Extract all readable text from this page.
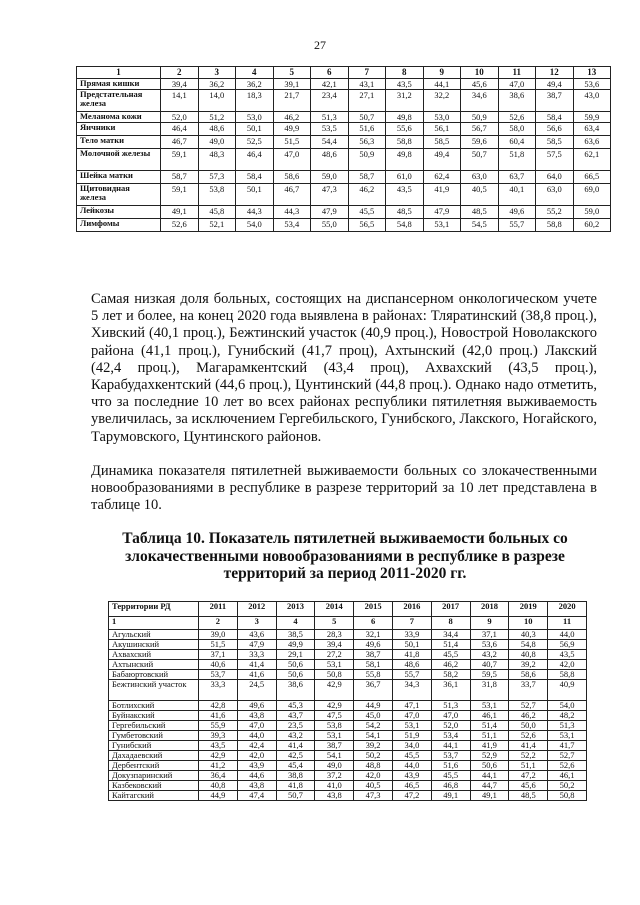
27
1	2	3	4	5	6	7	8	9	10	11	12	13
Прямая кишки	39,4	36,2	36,2	39,1	42,1	43,1	43,5	44,1	45,6	47,0	49,4	53,6
Предстательная железа	14,1	14,0	18,3	21,7	23,4	27,1	31,2	32,2	34,6	38,6	38,7	43,0
Меланома кожи	52,0	51,2	53,0	46,2	51,3	50,7	49,8	53,0	50,9	52,6	58,4	59,9
Яичники	46,4	48,6	50,1	49,9	53,5	51,6	55,6	56,1	56,7	58,0	56,6	63,4
Тело матки	46,7	49,0	52,5	51,5	54,4	56,3	58,8	58,5	59,6	60,4	58,5	63,6
Молочной железы	59,1	48,3	46,4	47,0	48,6	50,9	49,8	49,4	50,7	51,8	57,5	62,1
Шейка матки	58,7	57,3	58,4	58,6	59,0	58,7	61,0	62,4	63,0	63,7	64,0	66,5
Щитовидная железа	59,1	53,8	50,1	46,7	47,3	46,2	43,5	41,9	40,5	40,1	63,0	69,0
Лейкозы	49,1	45,8	44,3	44,3	47,9	45,5	48,5	47,9	48,5	49,6	55,2	59,0
Лимфомы	52,6	52,1	54,0	53,4	55,0	56,5	54,8	53,1	54,5	55,7	58,8	60,2

Самая низкая доля больных, состоящих на диспансерном онкологическом учете 5 лет и более, на конец 2020 года выявлена в районах: Тляратинский (38,8 проц.), Хивский (40,1 проц.), Бежтинский участок (40,9 проц.), Новострой Новолакского района (41,1 проц.), Гунибский (41,7 проц), Ахтынский (42,0 проц.) Лакский (42,4 проц.), Магарамкентский (43,4 проц), Ахвахский (43,5 проц.), Карабудахкентский (44,6 проц.), Цунтинский (44,8 проц.). Однако надо отметить, что за последние 10 лет во всех районах республики пятилетняя выживаемость увеличилась, за исключением Гергебильского, Гунибского, Лакского, Ногайского, Тарумовского, Цунтинского районов.

Динамика показателя пятилетней выживаемости больных со злокачественными новообразованиями в республике в разрезе территорий за 10 лет представлена в таблице 10.

Таблица 10. Показатель пятилетней выживаемости больных со злокачественными новообразованиями в республике в разрезе территорий за период 2011-2020 гг.
Территории РД	2011	2012	2013	2014	2015	2016	2017	2018	2019	2020
1	2	3	4	5	6	7	8	9	10	11
Агульский	39,0	43,6	38,5	28,3	32,1	33,9	34,4	37,1	40,3	44,0
Акушинский	51,5	47,9	49,9	39,4	49,6	50,1	51,4	53,6	54,8	56,9
Ахвахский	37,1	33,3	29,1	27,2	38,7	41,8	45,5	43,2	40,8	43,5
Ахтынский	40,6	41,4	50,6	53,1	58,1	48,6	46,2	40,7	39,2	42,0
Бабаюртовский	53,7	41,6	50,6	50,8	55,8	55,7	58,2	59,5	58,6	58,8
Бежтинский участок	33,3	24,5	38,6	42,9	36,7	34,3	36,1	31,8	33,7	40,9
Ботлихский	42,8	49,6	45,3	42,9	44,9	47,1	51,3	53,1	52,7	54,0
Буйнакский	41,6	43,8	43,7	47,5	45,0	47,0	47,0	46,1	46,2	48,2
Гергебильский	55,9	47,0	23,5	53,8	54,2	53,1	52,0	51,4	50,0	51,3
Гумбетовский	39,3	44,0	43,2	53,1	54,1	51,9	53,4	51,1	52,6	53,1
Гунибский	43,5	42,4	41,4	38,7	39,2	34,0	44,1	41,9	41,4	41,7
Дахадаевский	42,9	42,0	42,5	54,1	50,2	45,5	53,7	52,9	52,2	52,7
Дербентский	41,2	43,9	45,4	49,0	48,8	44,0	51,6	50,6	51,1	52,6
Докузпаринский	36,4	44,6	38,8	37,2	42,0	43,9	45,5	44,1	47,2	46,1
Казбековский	40,8	43,8	41,8	41,0	40,5	46,5	46,8	44,7	45,6	50,2
Кайтагский	44,9	47,4	50,7	43,8	47,3	47,2	49,1	49,1	48,5	50,8
